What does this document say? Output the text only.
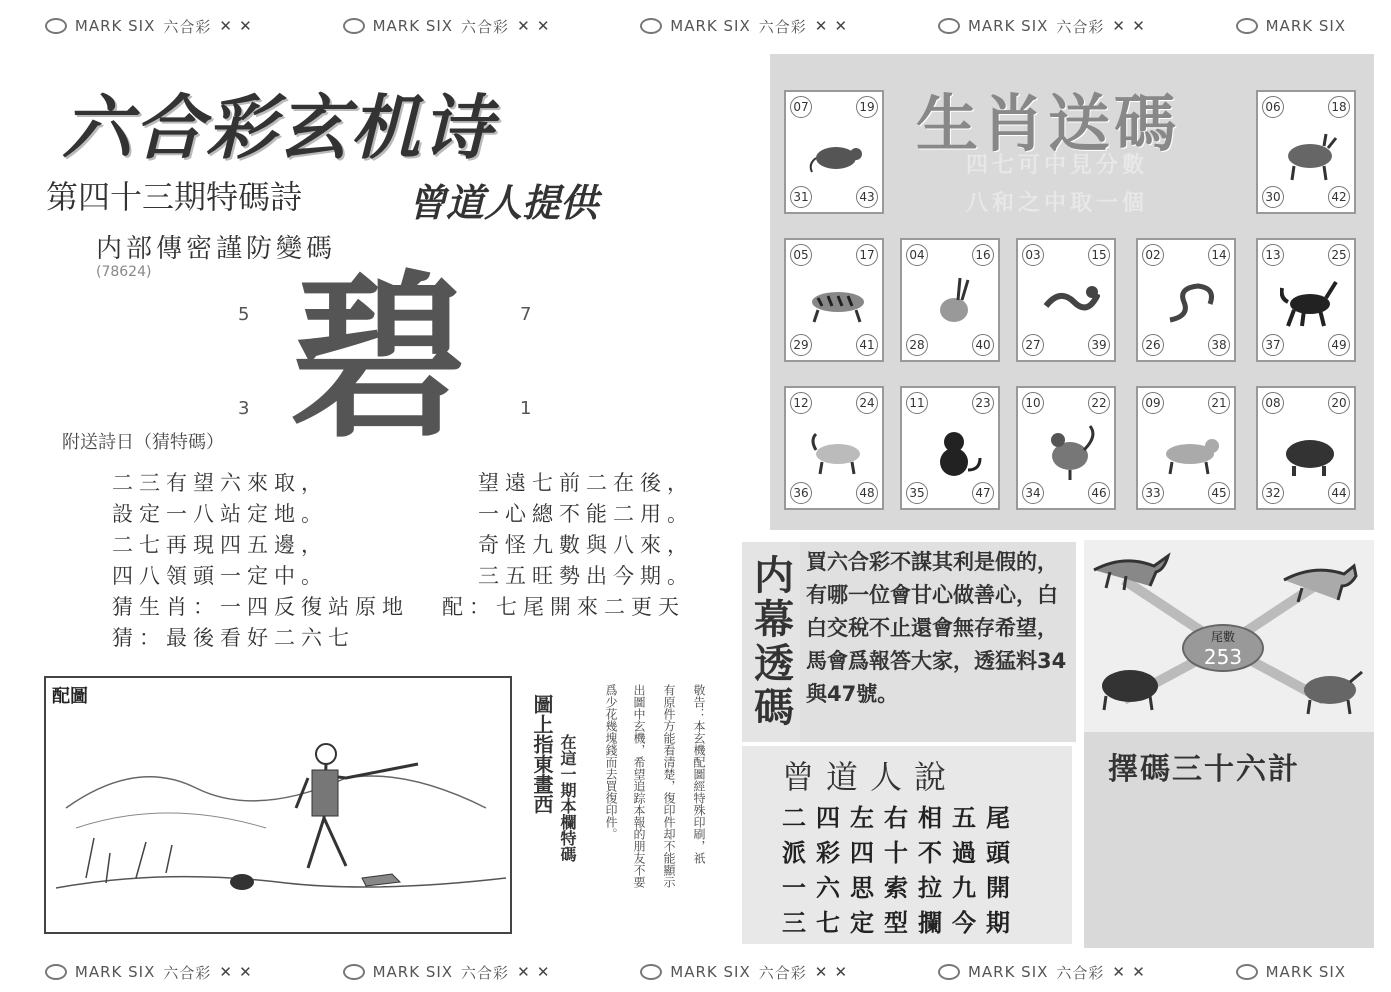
MARK SIX 六合彩 ✕ ✕	MARK SIX 六合彩 ✕ ✕	MARK SIX 六合彩 ✕ ✕	MARK SIX 六合彩 ✕ ✕	MARK SIX
MARK SIX 六合彩 ✕ ✕	MARK SIX 六合彩 ✕ ✕	MARK SIX 六合彩 ✕ ✕	MARK SIX 六合彩 ✕ ✕	MARK SIX
六合彩玄机诗
第四十三期特碼詩	曾道人提供
内部傳密謹防變碼
(78624)
5	7
3	1
碧
附送詩日（猜特碼）
二三有望六來取，
設定一八站定地。
二七再現四五邊，
四八領頭一定中。
猜生肖：一四反復站原地
猜：最後看好二六七
望遠七前二在後，
一心總不能二用。
奇怪九數與八來，
三五旺勢出今期。
配：七尾開來二更天
配圖	圖上指東畫西 在這一期本欄特碼	敬告：本玄機配圖經特殊印刷，祇
有原件方能看清楚，復印件却不能顯示
出圖中玄機，希望追踪本報的朋友不要
爲少花幾塊錢而去買復印件。
生肖送碼
四七可中見分數
八和之中取一個
07	19
31	43
06	18
30	42
05	17
29	41
04	16
28	40
03	15
27	39
02	14
26	38
13	25
37	49
12	24
36	48
11	23
35	47
10	22
34	46
09	21
33	45
08	20
32	44
内幕透碼 買六合彩不謀其利是假的，有哪一位會甘心做善心，白白交稅不止還會無存希望，馬會爲報答大家，透猛料34與47號。
曾道人說
二四左右相五尾
派彩四十不過頭
一六思索拉九開
三七定型攔今期
尾數
253
擇碼三十六計
